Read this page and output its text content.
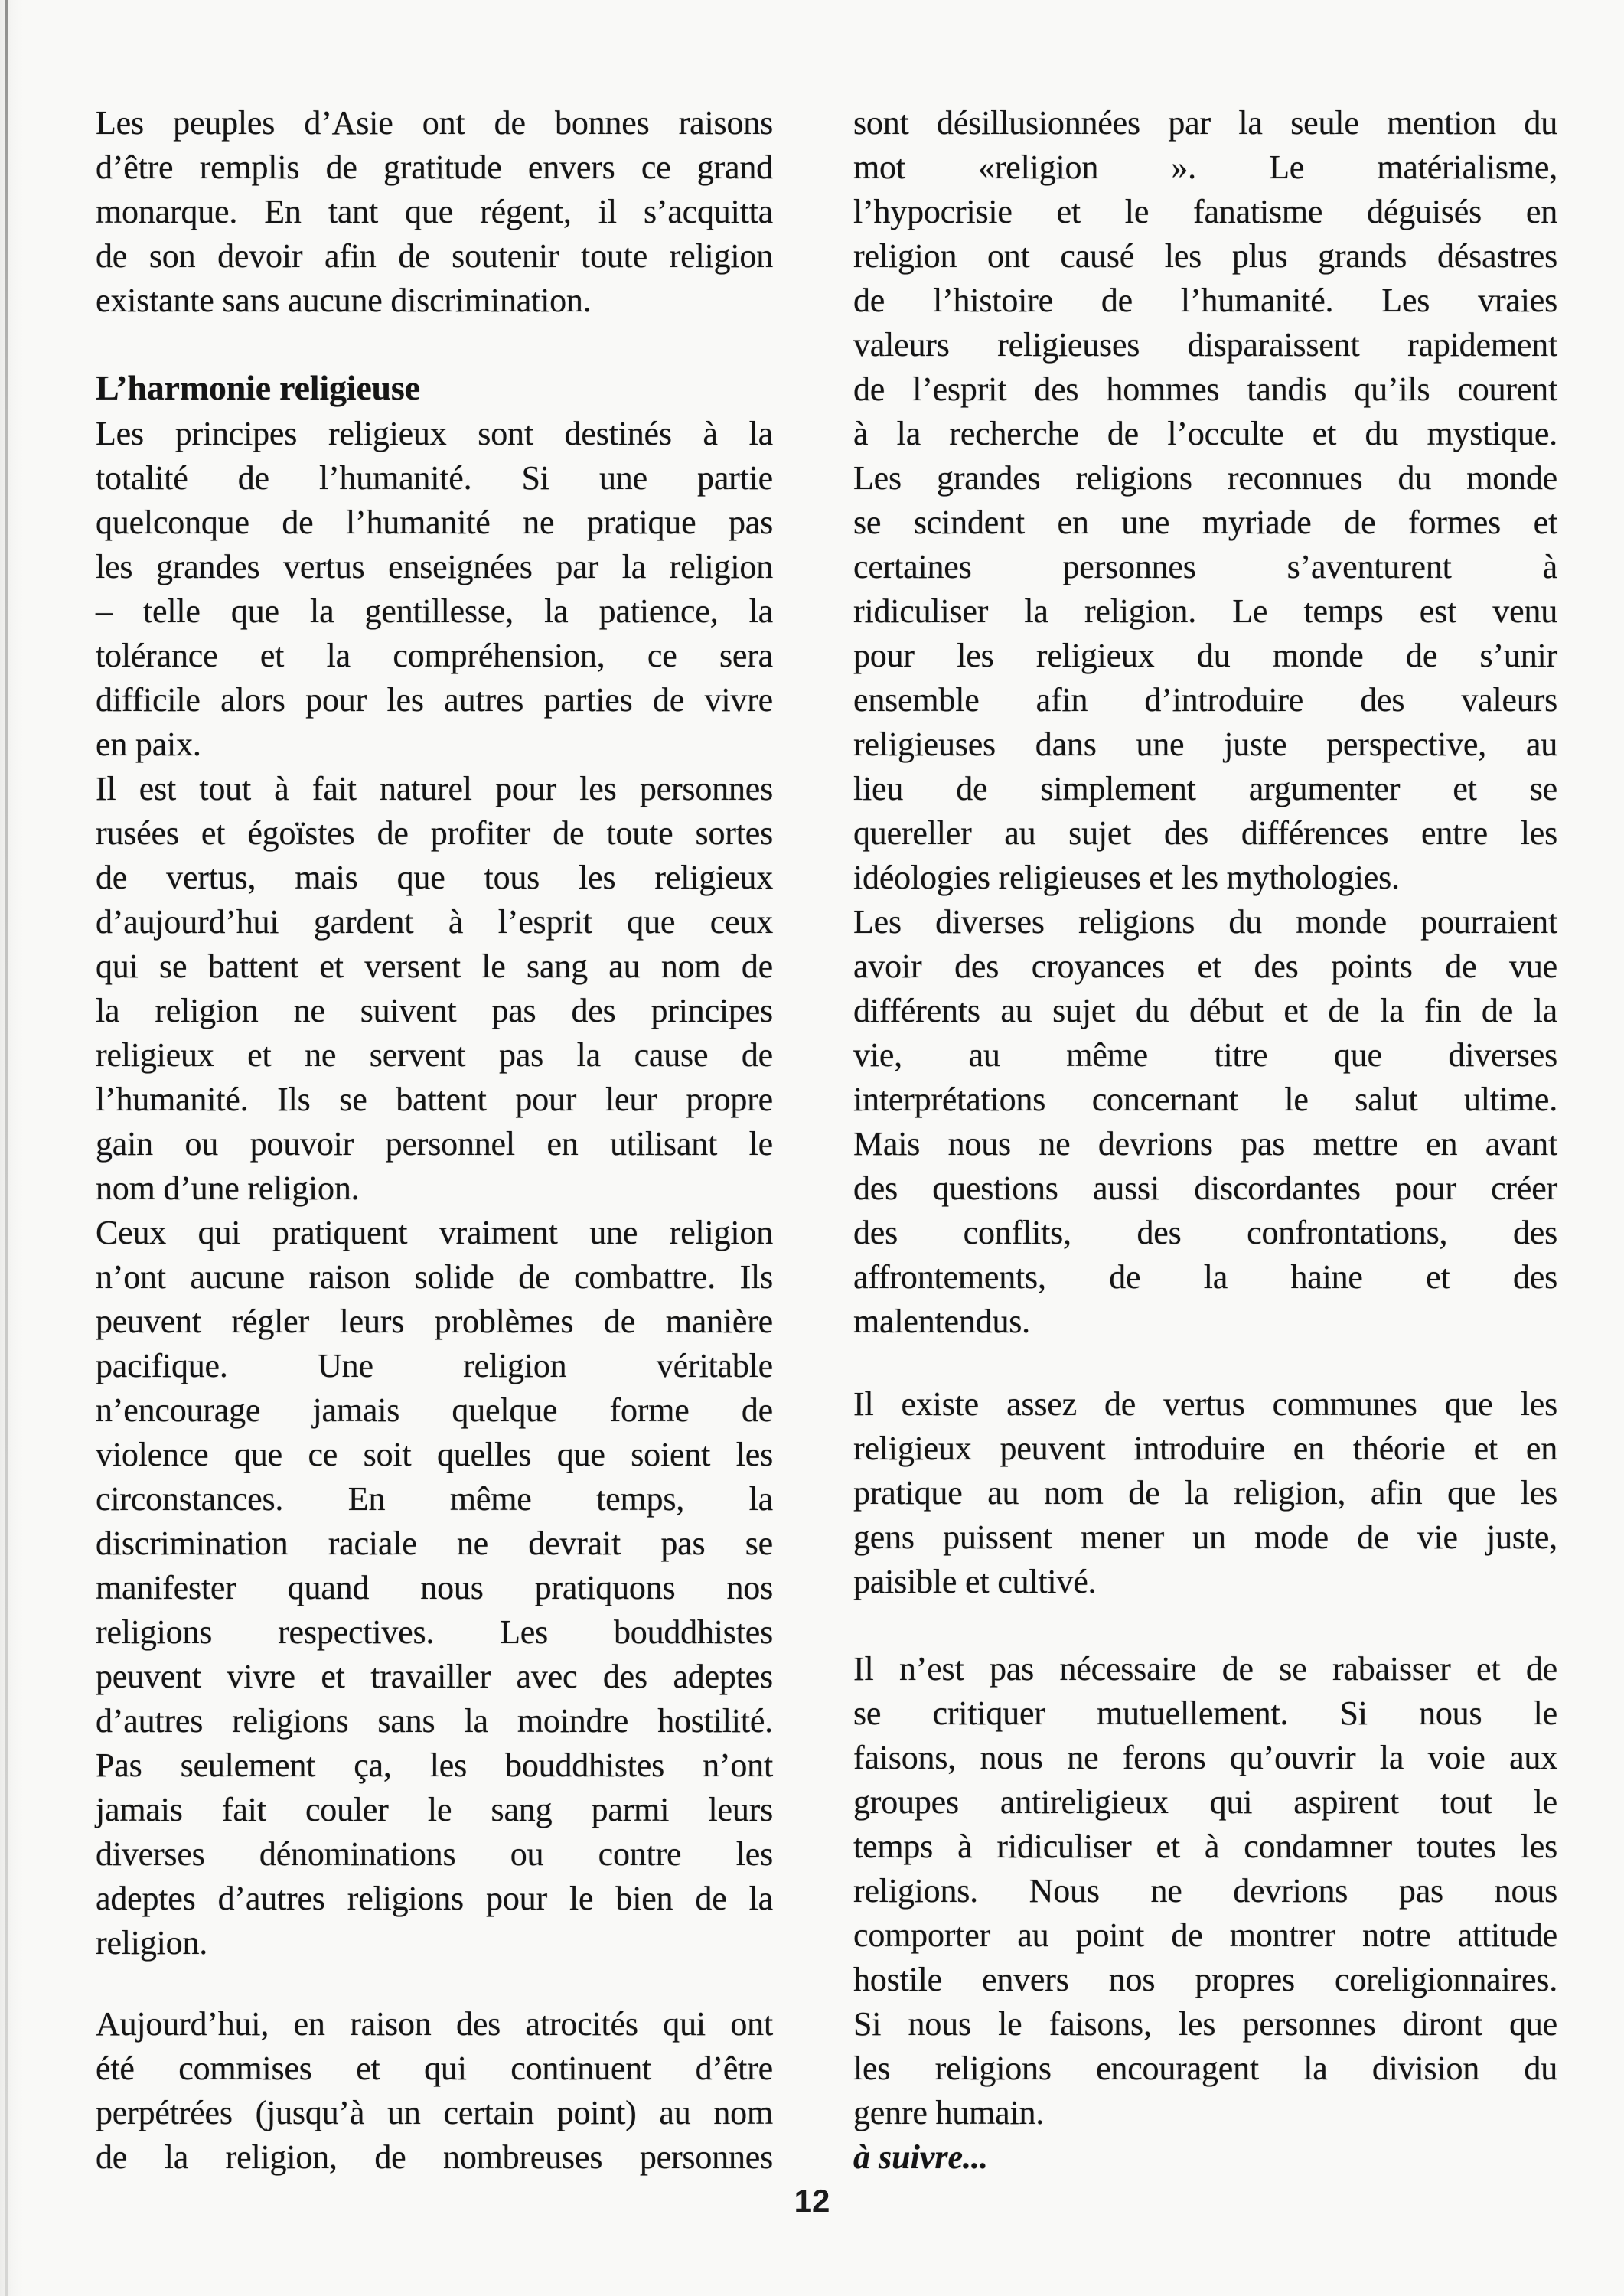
Les peuples d’Asie ont de bonnes raisons
d’être remplis de gratitude envers ce grand
monarque. En tant que régent, il s’acquitta
de son devoir afin de soutenir toute religion
existante sans aucune discrimination.
L’harmonie religieuse
Les principes religieux sont destinés à la
totalité de l’humanité. Si une partie
quelconque de l’humanité ne pratique pas
les grandes vertus enseignées par la religion
– telle que la gentillesse, la patience, la
tolérance et la compréhension, ce sera
difficile alors pour les autres parties de vivre
en paix.
Il est tout à fait naturel pour les personnes
rusées et égoïstes de profiter de toute sortes
de vertus, mais que tous les religieux
d’aujourd’hui gardent à l’esprit que ceux
qui se battent et versent le sang au nom de
la religion ne suivent pas des principes
religieux et ne servent pas la cause de
l’humanité. Ils se battent pour leur propre
gain ou pouvoir personnel en utilisant le
nom d’une religion.
Ceux qui pratiquent vraiment une religion
n’ont aucune raison solide de combattre. Ils
peuvent régler leurs problèmes de manière
pacifique. Une religion véritable
n’encourage jamais quelque forme de
violence que ce soit quelles que soient les
circonstances. En même temps, la
discrimination raciale ne devrait pas se
manifester quand nous pratiquons nos
religions respectives. Les bouddhistes
peuvent vivre et travailler avec des adeptes
d’autres religions sans la moindre hostilité.
Pas seulement ça, les bouddhistes n’ont
jamais fait couler le sang parmi leurs
diverses dénominations ou contre les
adeptes d’autres religions pour le bien de la
religion.
Aujourd’hui, en raison des atrocités qui ont
été commises et qui continuent d’être
perpétrées (jusqu’à un certain point) au nom
de la religion, de nombreuses personnes
sont désillusionnées par la seule mention du
mot «religion ». Le matérialisme,
l’hypocrisie et le fanatisme déguisés en
religion ont causé les plus grands désastres
de l’histoire de l’humanité. Les vraies
valeurs religieuses disparaissent rapidement
de l’esprit des hommes tandis qu’ils courent
à la recherche de l’occulte et du mystique.
Les grandes religions reconnues du monde
se scindent en une myriade de formes et
certaines personnes s’aventurent à
ridiculiser la religion. Le temps est venu
pour les religieux du monde de s’unir
ensemble afin d’introduire des valeurs
religieuses dans une juste perspective, au
lieu de simplement argumenter et se
quereller au sujet des différences entre les
idéologies religieuses et les mythologies.
Les diverses religions du monde pourraient
avoir des croyances et des points de vue
différents au sujet du début et de la fin de la
vie, au même titre que diverses
interprétations concernant le salut ultime.
Mais nous ne devrions pas mettre en avant
des questions aussi discordantes pour créer
des conflits, des confrontations, des
affrontements, de la haine et des
malentendus.
Il existe assez de vertus communes que les
religieux peuvent introduire en théorie et en
pratique au nom de la religion, afin que les
gens puissent mener un mode de vie juste,
paisible et cultivé.
Il n’est pas nécessaire de se rabaisser et de
se critiquer mutuellement. Si nous le
faisons, nous ne ferons qu’ouvrir la voie aux
groupes antireligieux qui aspirent tout le
temps à ridiculiser et à condamner toutes les
religions. Nous ne devrions pas nous
comporter au point de montrer notre attitude
hostile envers nos propres coreligionnaires.
Si nous le faisons, les personnes diront que
les religions encouragent la division du
genre humain.
à suivre...
12
